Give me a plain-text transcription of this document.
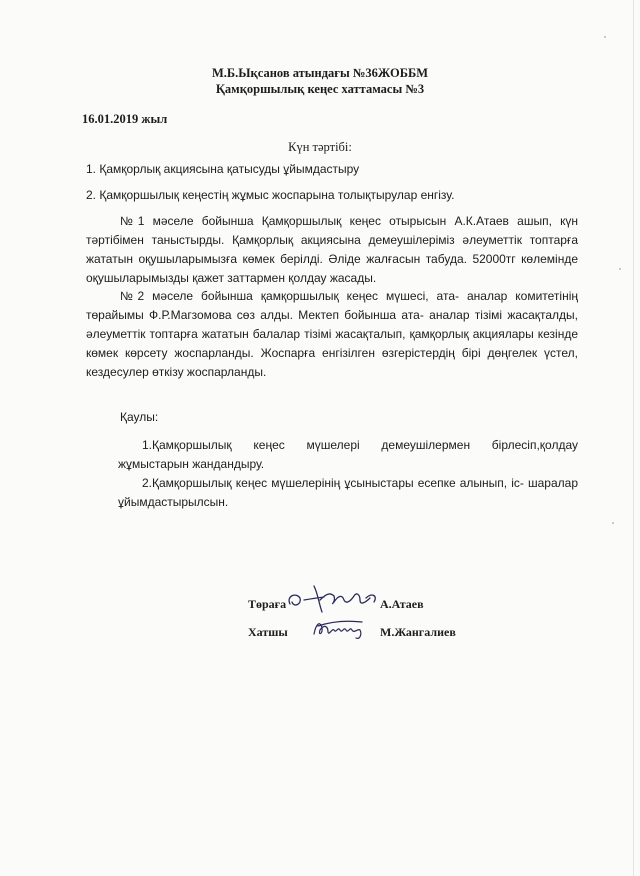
М.Б.Ықсанов атындағы №36ЖОББМ
Қамқоршылық кеңес хаттамасы №3
16.01.2019 жыл
Күн тәртібі:
1. Қамқорлық акциясына қатысуды ұйымдастыру
2. Қамқоршылық кеңестің жұмыс жоспарына толықтырулар енгізу.
№1 мәселе бойынша Қамқоршылық кеңес отырысын А.К.Атаев ашып, күн тәртібімен таныстырды. Қамқорлық акциясына демеушілеріміз әлеуметтік топтарға жататын оқушыларымызға көмек берілді. Әліде жалғасын табуда. 52000тг көлемінде оқушыларымызды қажет заттармен қолдау жасады.
№2 мәселе бойынша қамқоршылық кеңес мүшесі, ата- аналар комитетінің төрайымы Ф.Р.Магзомова сөз алды. Мектеп бойынша ата- аналар тізімі жасақталды, әлеуметтік топтарға жататын балалар тізімі жасақталып, қамқорлық акциялары кезінде көмек көрсету жоспарланды. Жоспарға енгізілген өзгерістердің бірі дөңгелек үстел, кездесулер өткізу жоспарланды.
Қаулы:
1.Қамқоршылық кеңес мүшелері демеушілермен бірлесіп,қолдау жұмыстарын жандандыру.
2.Қамқоршылық кеңес мүшелерінің ұсыныстары есепке алынып, іс- шаралар ұйымдастырылсын.
Төраға	А.Атаев
Хатшы	М.Жангалиев
